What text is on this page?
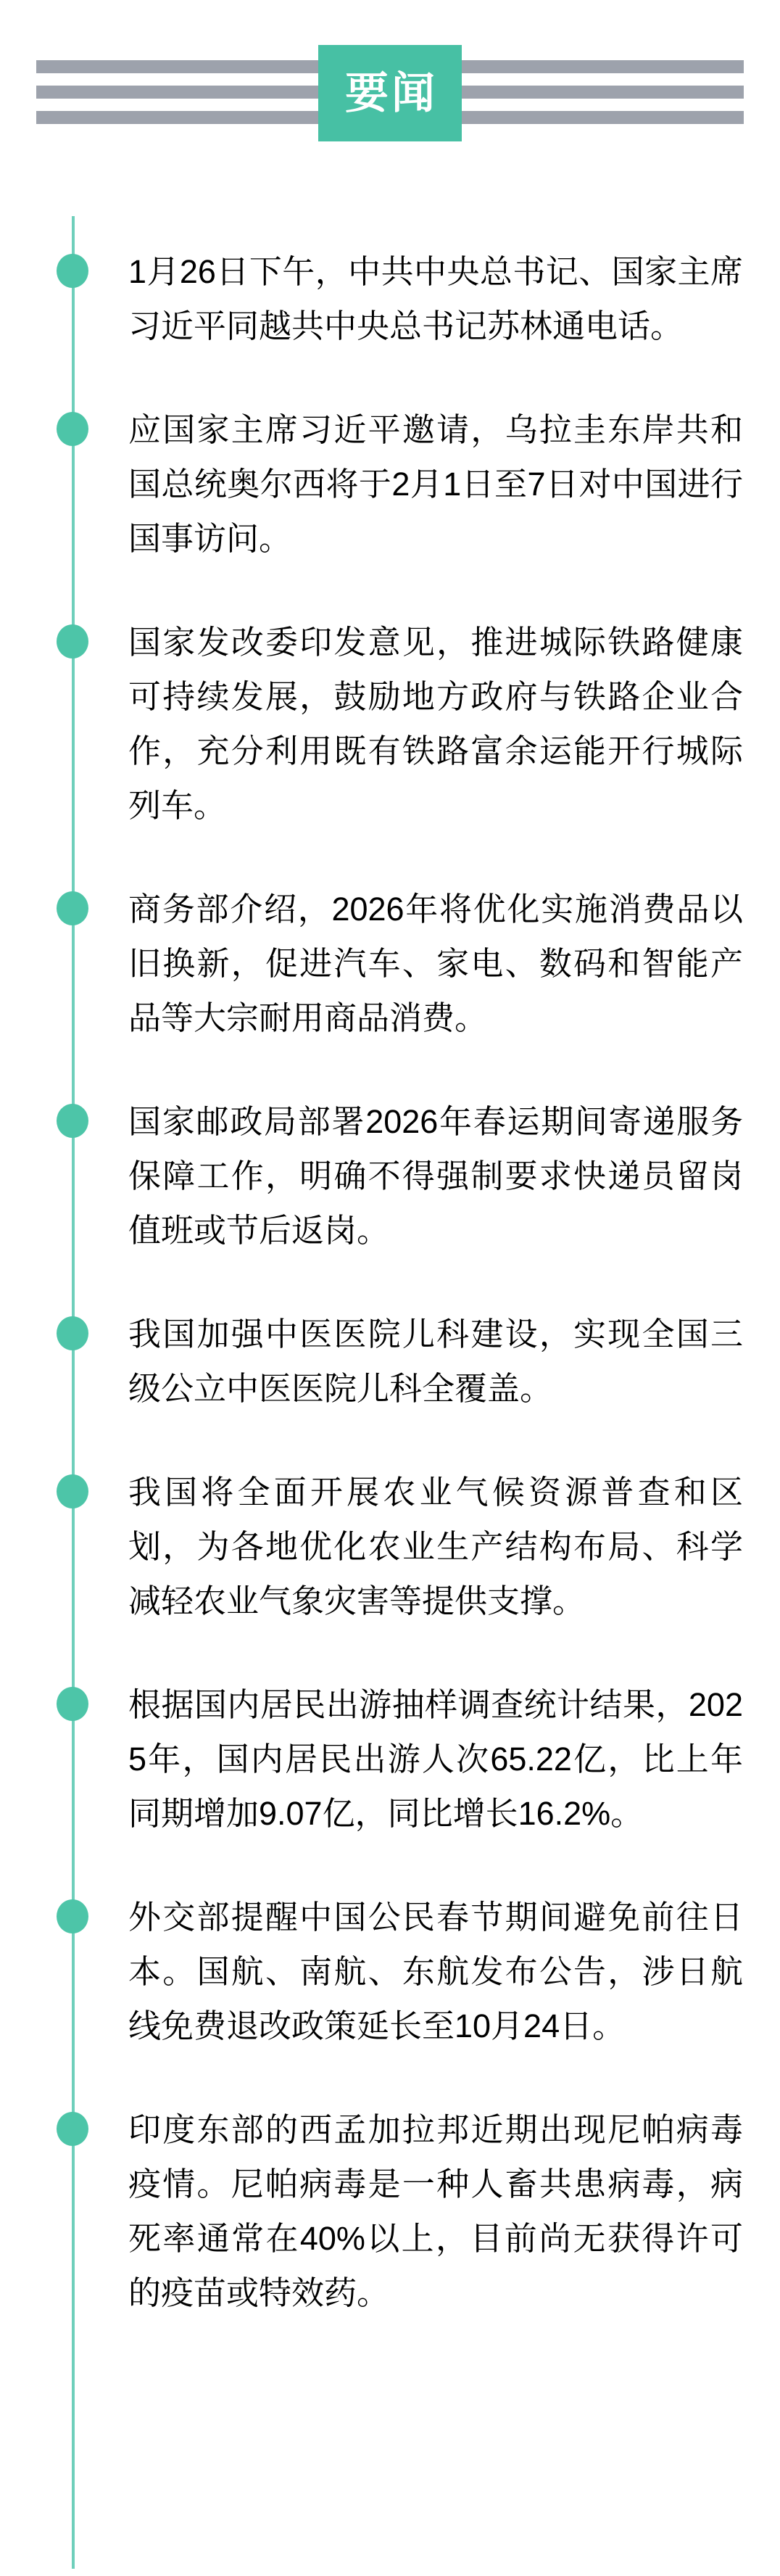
要闻

1月26日下午，中共中央总书记、国家主席习近平同越共中央总书记苏林通电话。

应国家主席习近平邀请，乌拉圭东岸共和国总统奥尔西将于2月1日至7日对中国进行国事访问。

国家发改委印发意见，推进城际铁路健康可持续发展，鼓励地方政府与铁路企业合作，充分利用既有铁路富余运能开行城际列车。

商务部介绍，2026年将优化实施消费品以旧换新，促进汽车、家电、数码和智能产品等大宗耐用商品消费。

国家邮政局部署2026年春运期间寄递服务保障工作，明确不得强制要求快递员留岗值班或节后返岗。

我国加强中医医院儿科建设，实现全国三级公立中医医院儿科全覆盖。

我国将全面开展农业气候资源普查和区划，为各地优化农业生产结构布局、科学减轻农业气象灾害等提供支撑。

根据国内居民出游抽样调查统计结果，2025年，国内居民出游人次65.22亿，比上年同期增加9.07亿，同比增长16.2%。

外交部提醒中国公民春节期间避免前往日本。国航、南航、东航发布公告，涉日航线免费退改政策延长至10月24日。

印度东部的西孟加拉邦近期出现尼帕病毒疫情。尼帕病毒是一种人畜共患病毒，病死率通常在40%以上，目前尚无获得许可的疫苗或特效药。
